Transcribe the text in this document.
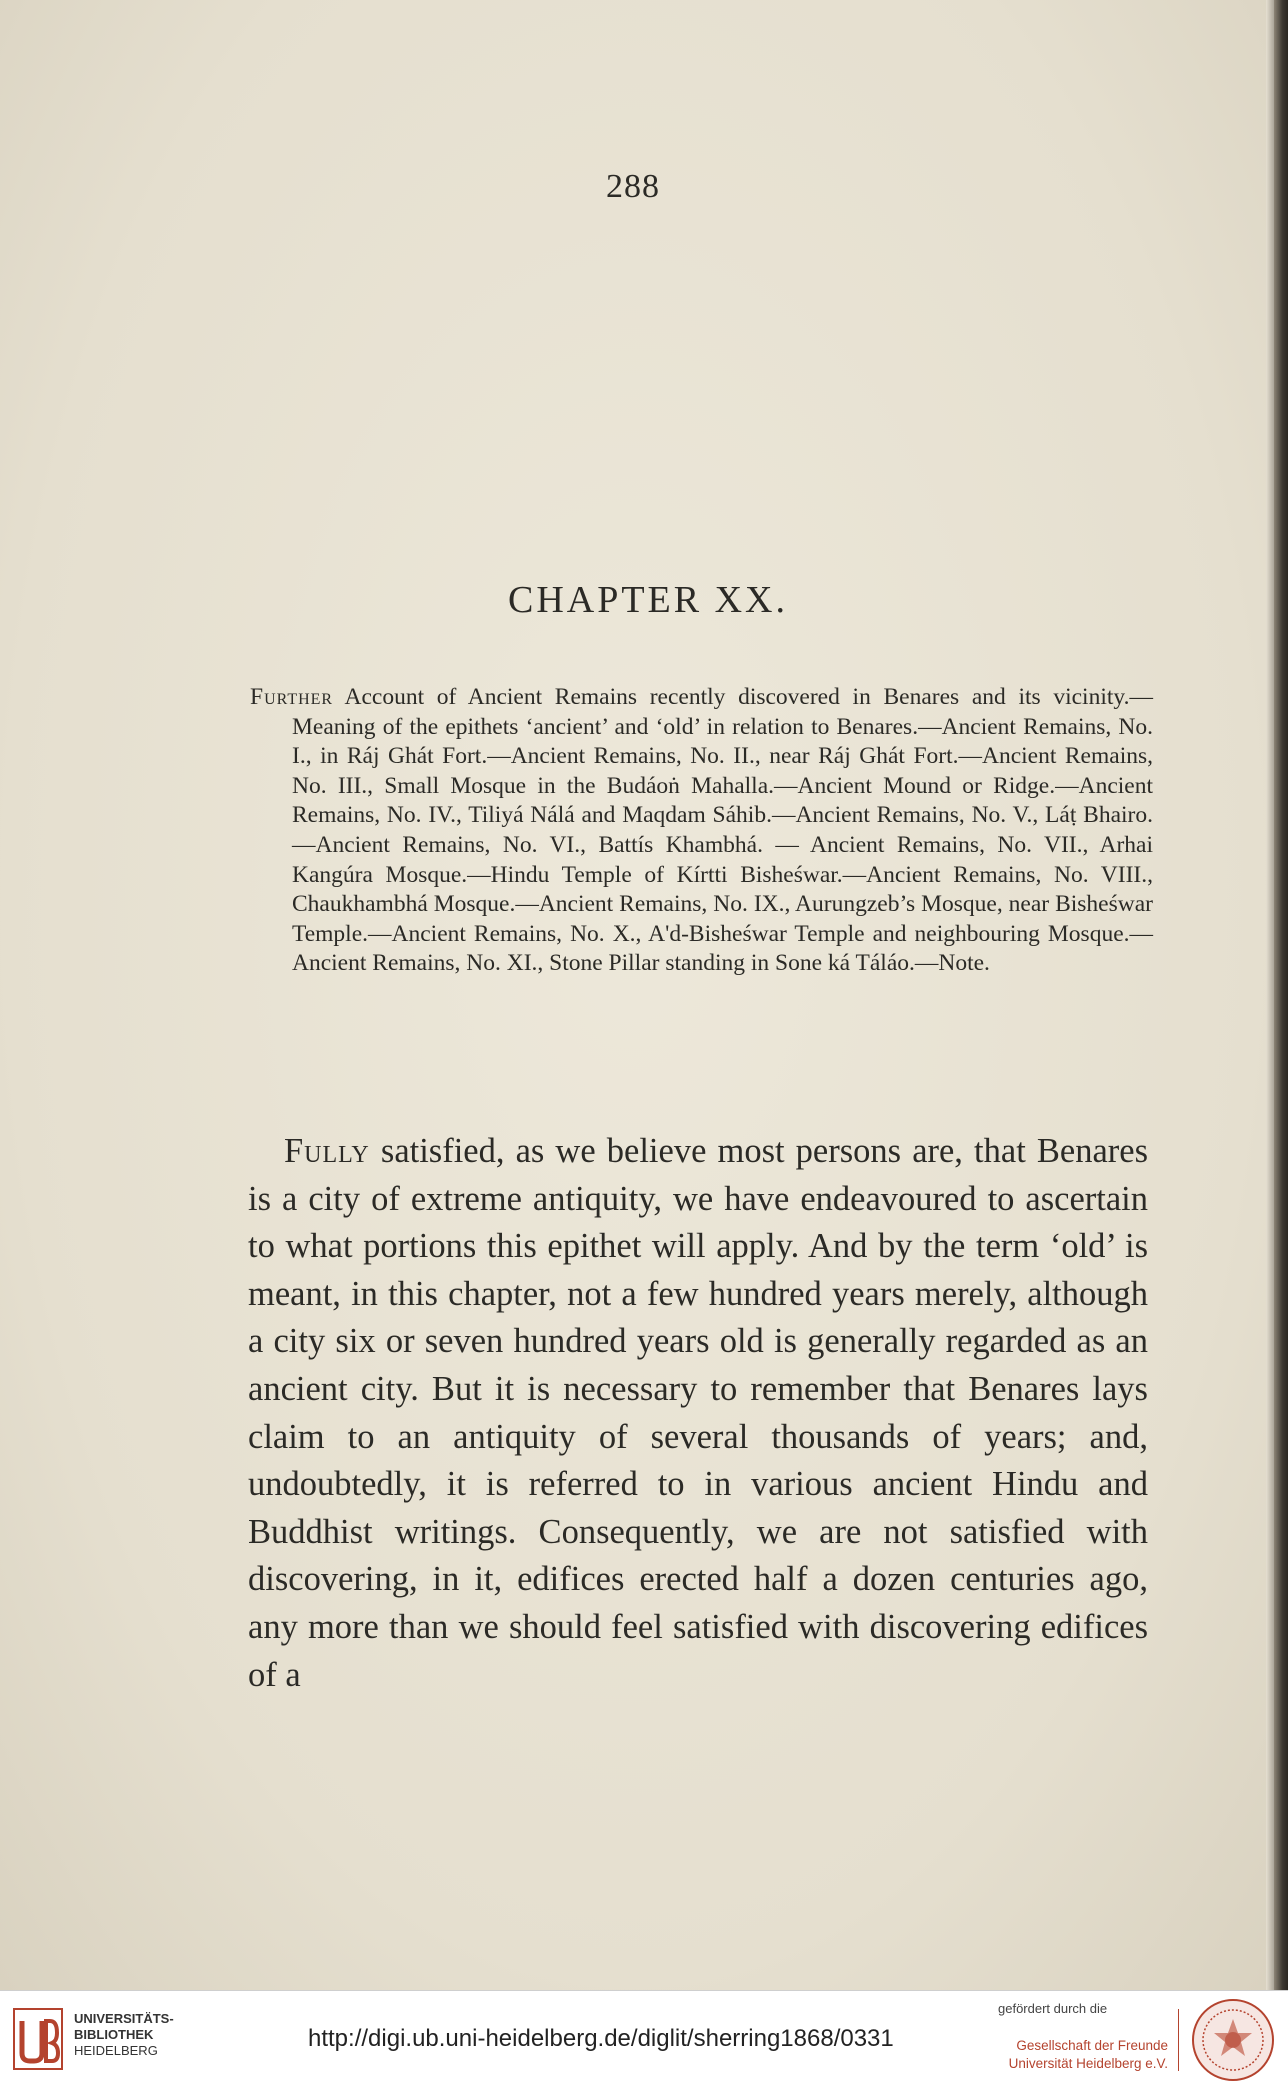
288
CHAPTER XX.
Further Account of Ancient Remains recently discovered in Benares and its vicinity.—Meaning of the epithets ‘ancient’ and ‘old’ in relation to Benares.—Ancient Remains, No. I., in Ráj Ghát Fort.—Ancient Remains, No. II., near Ráj Ghát Fort.—Ancient Remains, No. III., Small Mosque in the Budáoṅ Mahalla.—Ancient Mound or Ridge.—Ancient Remains, No. IV., Tiliyá Nálá and Maqdam Sáhib.—Ancient Remains, No. V., Láṭ Bhairo.—Ancient Remains, No. VI., Battís Khambhá. — Ancient Remains, No. VII., Arhai Kangúra Mosque.—Hindu Temple of Kírtti Bisheśwar.—Ancient Remains, No. VIII., Chaukhambhá Mosque.—Ancient Remains, No. IX., Aurungzeb’s Mosque, near Bisheśwar Temple.—Ancient Remains, No. X., A'd-Bisheśwar Temple and neighbouring Mosque.—Ancient Remains, No. XI., Stone Pillar standing in Sone ká Táláo.—Note.
Fully satisfied, as we believe most persons are, that Benares is a city of extreme antiquity, we have endeavoured to ascertain to what portions this epithet will apply. And by the term ‘old’ is meant, in this chapter, not a few hundred years merely, although a city six or seven hundred years old is generally regarded as an ancient city. But it is necessary to remember that Benares lays claim to an antiquity of several thousands of years; and, undoubtedly, it is referred to in various ancient Hindu and Buddhist writings. Consequently, we are not satisfied with discovering, in it, edifices erected half a dozen centuries ago, any more than we should feel satisfied with discovering edifices of a
UNIVERSITÄTS-
BIBLIOTHEK
HEIDELBERG	http://digi.ub.uni-heidelberg.de/diglit/sherring1868/0331
gefördert durch die
Gesellschaft der Freunde
Universität Heidelberg e.V.
